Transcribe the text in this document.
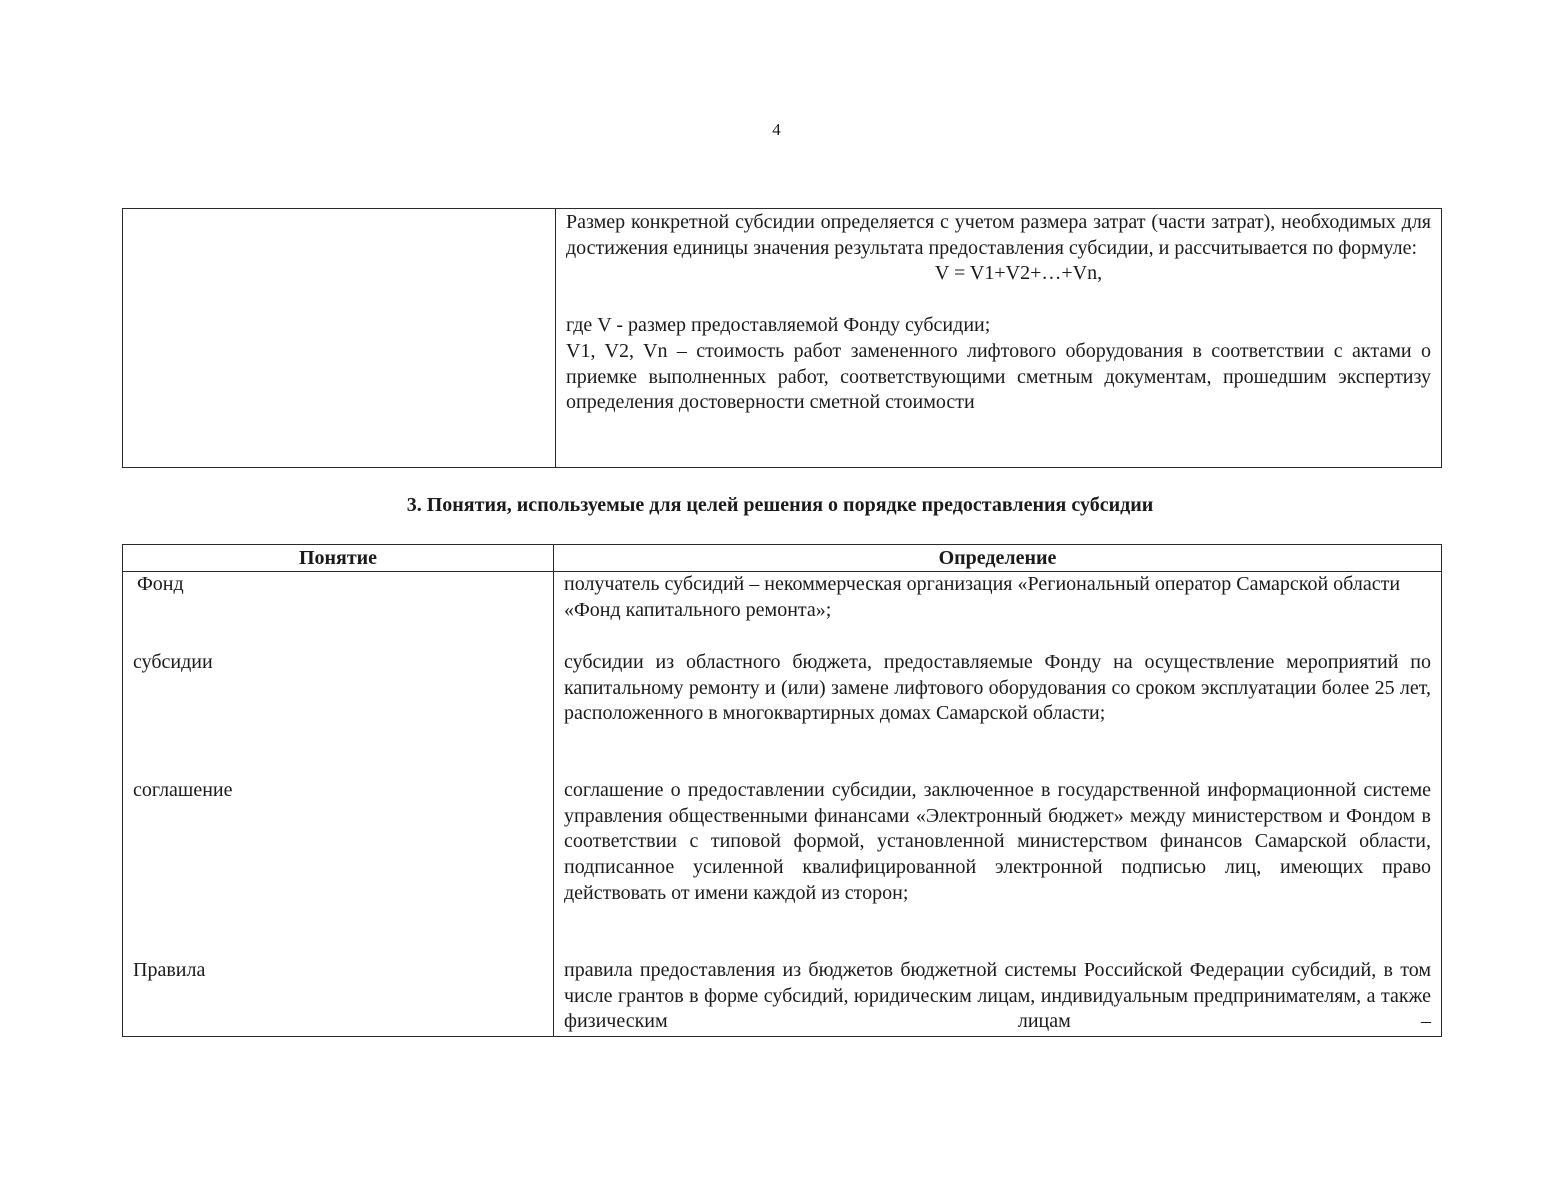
4

Размер конкретной субсидии определяется с учетом размера затрат (части затрат), необходимых для достижения единицы значения результата предоставления субсидии, и рассчитывается по формуле:

V = V1+V2+…+Vn,

где V - размер предоставляемой Фонду субсидии;

V1, V2, Vn – стоимость работ замененного лифтового оборудования в соответствии с актами о приемке выполненных работ, соответствующими сметным документам, прошедшим экспертизу определения достоверности сметной стоимости

3. Понятия, используемые для целей решения о порядке предоставления субсидии
Понятие	Определение
Фонд	получатель субсидий – некоммерческая организация «Региональный оператор Самарской области «Фонд капитального ремонта»;

субсидии	субсидии из областного бюджета, предоставляемые Фонду на осуществление мероприятий по капитальному ремонту и (или) замене лифтового оборудования со сроком эксплуатации более 25 лет, расположенного в многоквартирных домах Самарской области;

соглашение	соглашение о предоставлении субсидии, заключенное в государственной информационной системе управления общественными финансами «Электронный бюджет» между министерством и Фондом в соответствии с типовой формой, установленной министерством финансов Самарской области, подписанное усиленной квалифицированной электронной подписью лиц, имеющих право действовать от имени каждой из сторон;

Правила	правила предоставления из бюджетов бюджетной системы Российской Федерации субсидий, в том числе грантов в форме субсидий, юридическим лицам, индивидуальным предпринимателям, а также физическим лицам –
